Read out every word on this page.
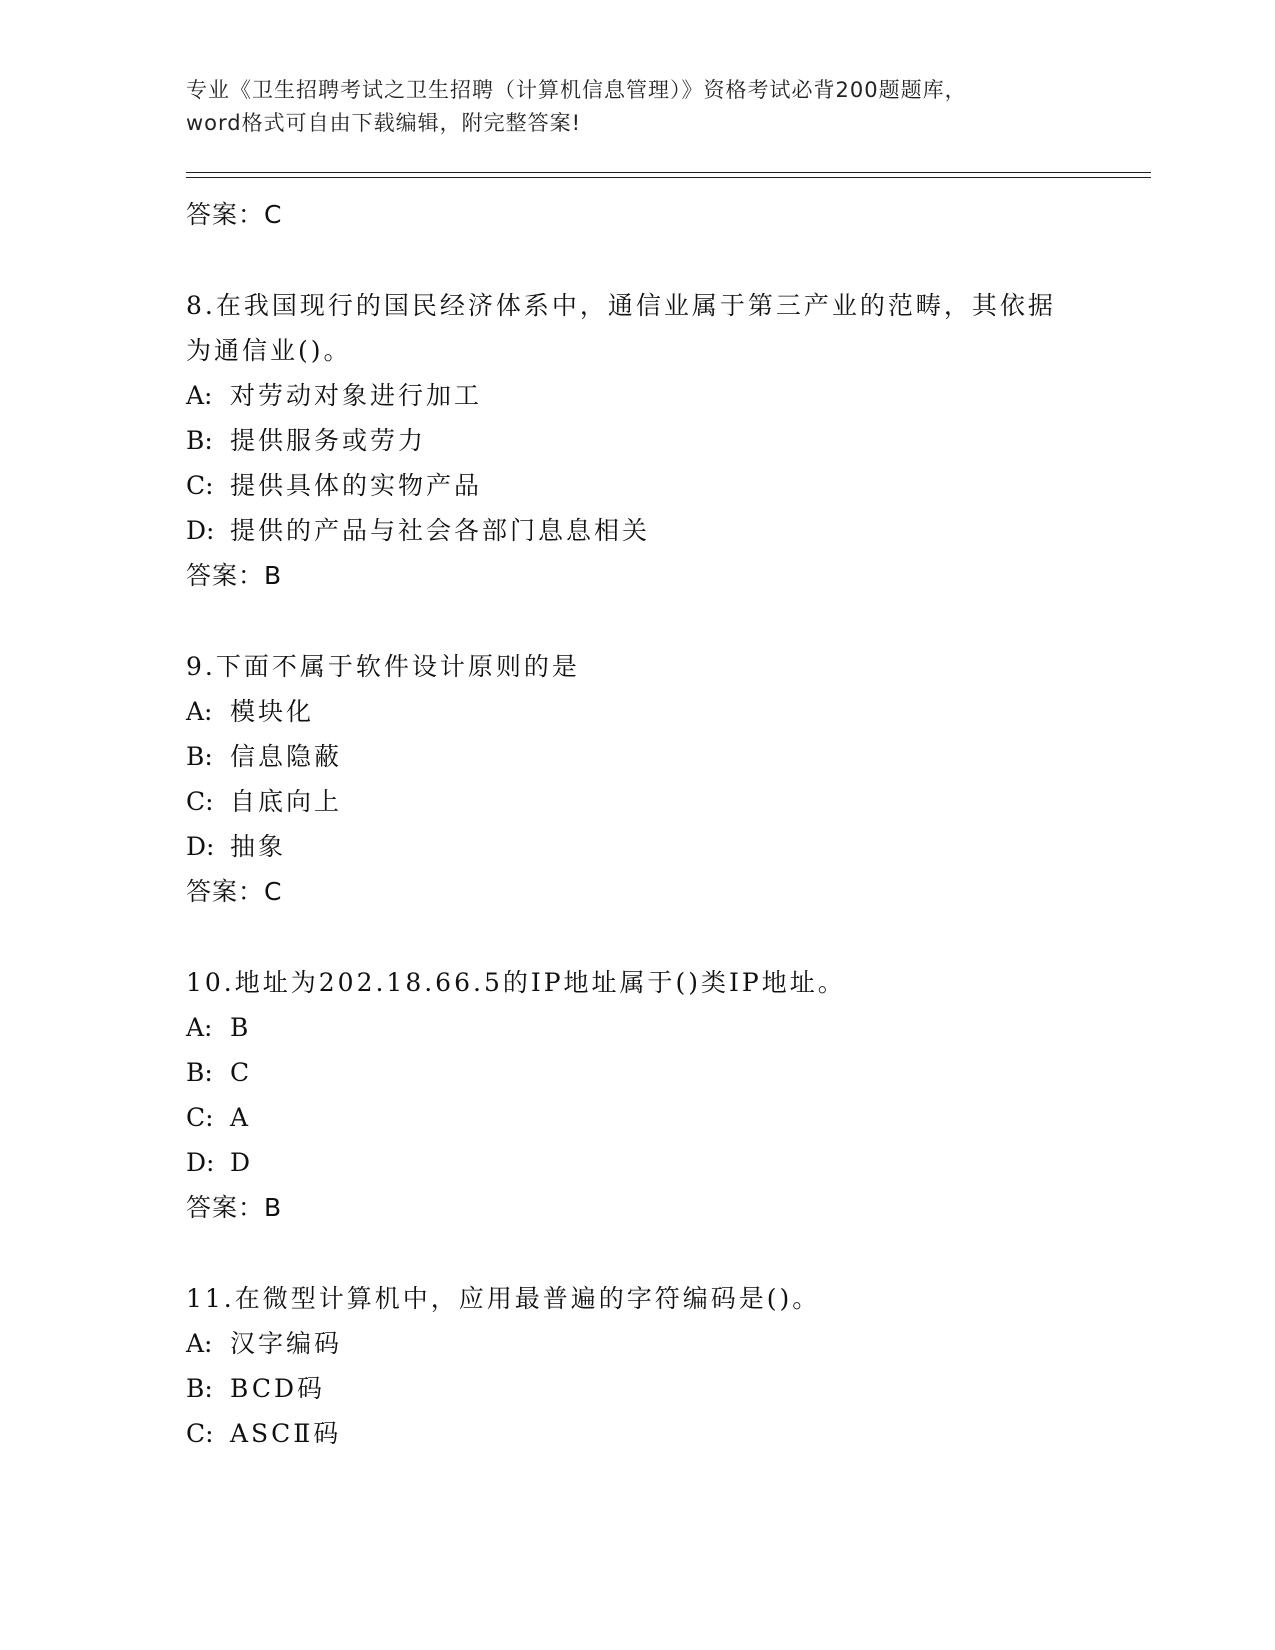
专业《卫生招聘考试之卫生招聘（计算机信息管理）》资格考试必背200题题库，
word格式可自由下载编辑，附完整答案!
答案：C
8.在我国现行的国民经济体系中，通信业属于第三产业的范畴，其依据为通信业()。
A: 对劳动对象进行加工
B: 提供服务或劳力
C: 提供具体的实物产品
D: 提供的产品与社会各部门息息相关
答案：B
9.下面不属于软件设计原则的是
A: 模块化
B: 信息隐蔽
C: 自底向上
D: 抽象
答案：C
10.地址为202.18.66.5的IP地址属于()类IP地址。
A: B
B: C
C: A
D: D
答案：B
11.在微型计算机中，应用最普遍的字符编码是()。
A: 汉字编码
B: BCD码
C: ASCⅡ码
